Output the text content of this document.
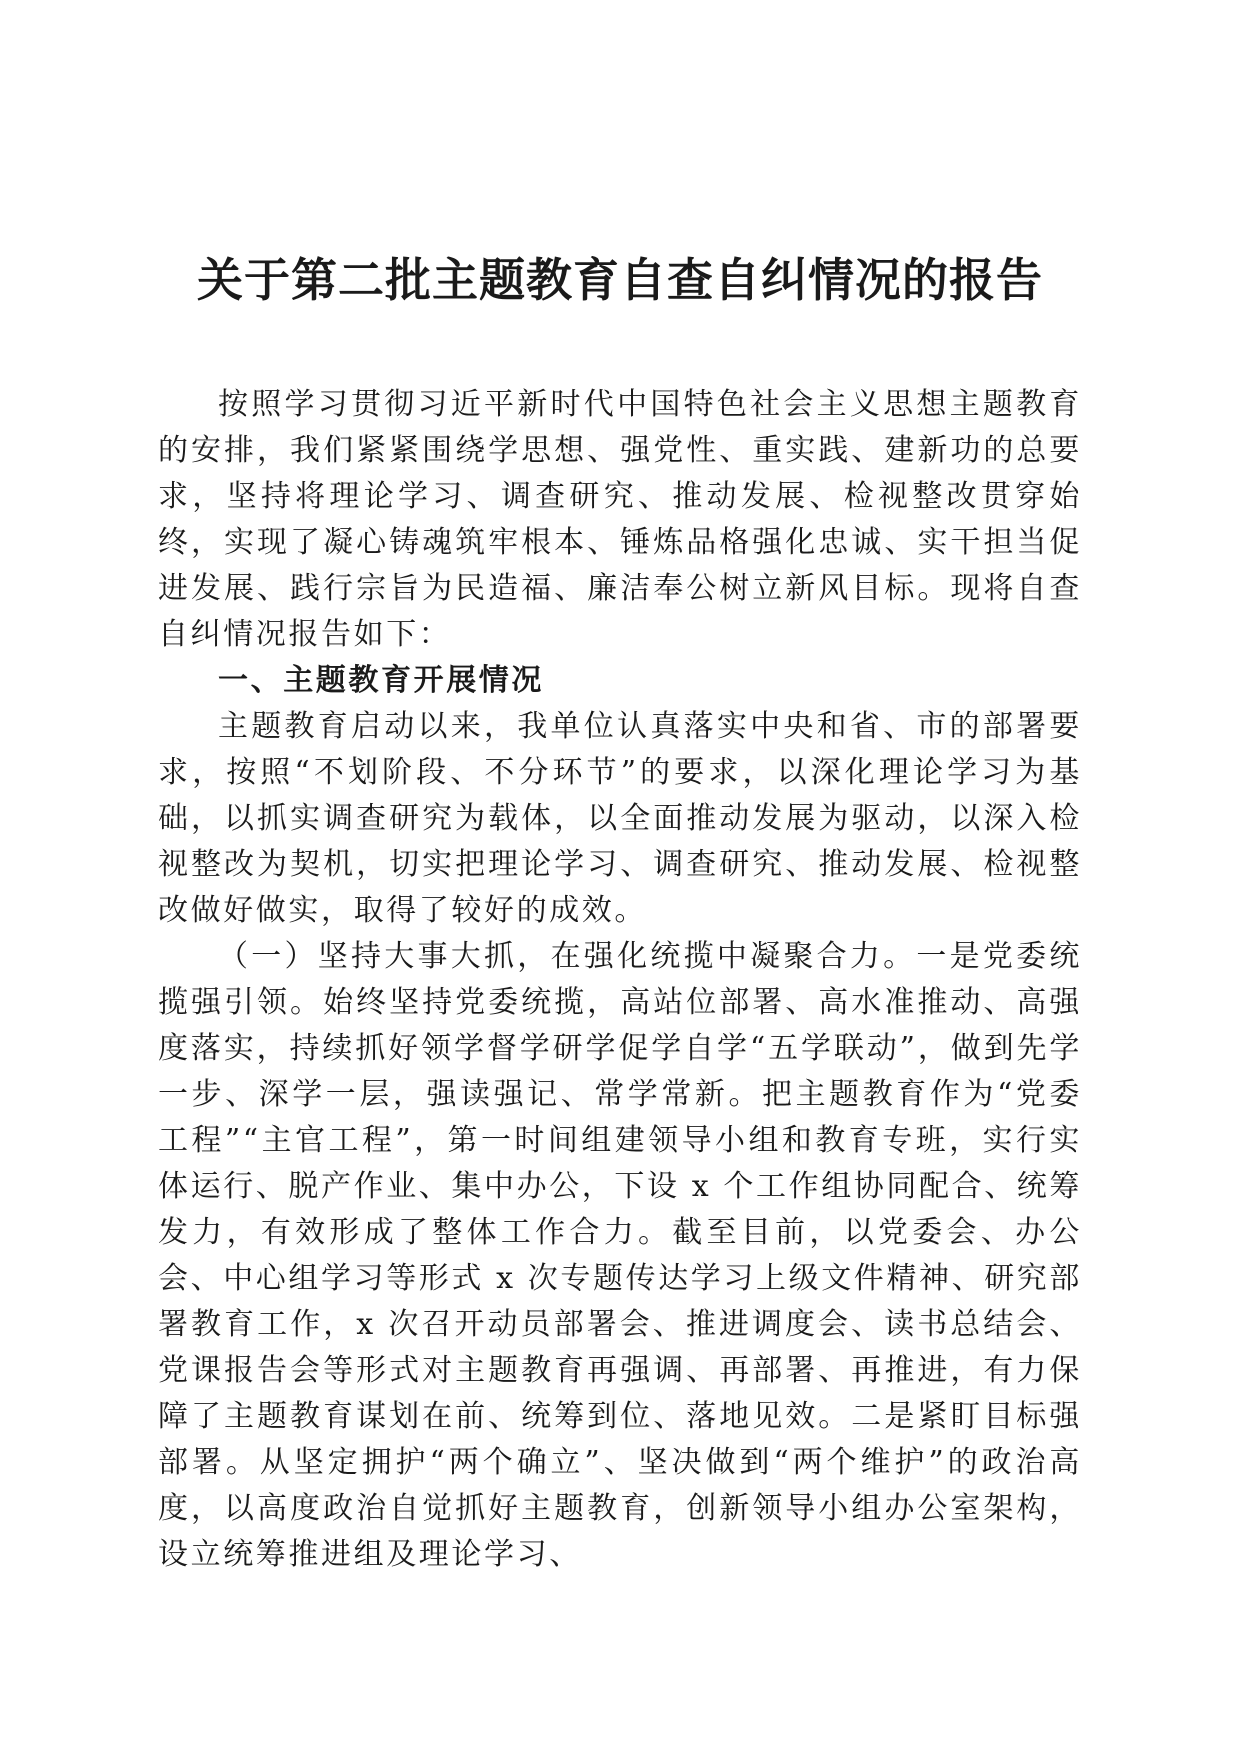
关于第二批主题教育自查自纠情况的报告

按照学习贯彻习近平新时代中国特色社会主义思想主题教育的安排，我们紧紧围绕学思想、强党性、重实践、建新功的总要求，坚持将理论学习、调查研究、推动发展、检视整改贯穿始终，实现了凝心铸魂筑牢根本、锤炼品格强化忠诚、实干担当促进发展、践行宗旨为民造福、廉洁奉公树立新风目标。现将自查自纠情况报告如下：

一、主题教育开展情况

主题教育启动以来，我单位认真落实中央和省、市的部署要求，按照“不划阶段、不分环节”的要求，以深化理论学习为基础，以抓实调查研究为载体，以全面推动发展为驱动，以深入检视整改为契机，切实把理论学习、调查研究、推动发展、检视整改做好做实，取得了较好的成效。

（一）坚持大事大抓，在强化统揽中凝聚合力。一是党委统揽强引领。始终坚持党委统揽，高站位部署、高水准推动、高强度落实，持续抓好领学督学研学促学自学“五学联动”，做到先学一步、深学一层，强读强记、常学常新。把主题教育作为“党委工程”“主官工程”，第一时间组建领导小组和教育专班，实行实体运行、脱产作业、集中办公，下设 x 个工作组协同配合、统筹发力，有效形成了整体工作合力。截至目前，以党委会、办公会、中心组学习等形式 x 次专题传达学习上级文件精神、研究部署教育工作，x 次召开动员部署会、推进调度会、读书总结会、党课报告会等形式对主题教育再强调、再部署、再推进，有力保障了主题教育谋划在前、统筹到位、落地见效。二是紧盯目标强部署。从坚定拥护“两个确立”、坚决做到“两个维护”的政治高度，以高度政治自觉抓好主题教育，创新领导小组办公室架构，设立统筹推进组及理论学习、
